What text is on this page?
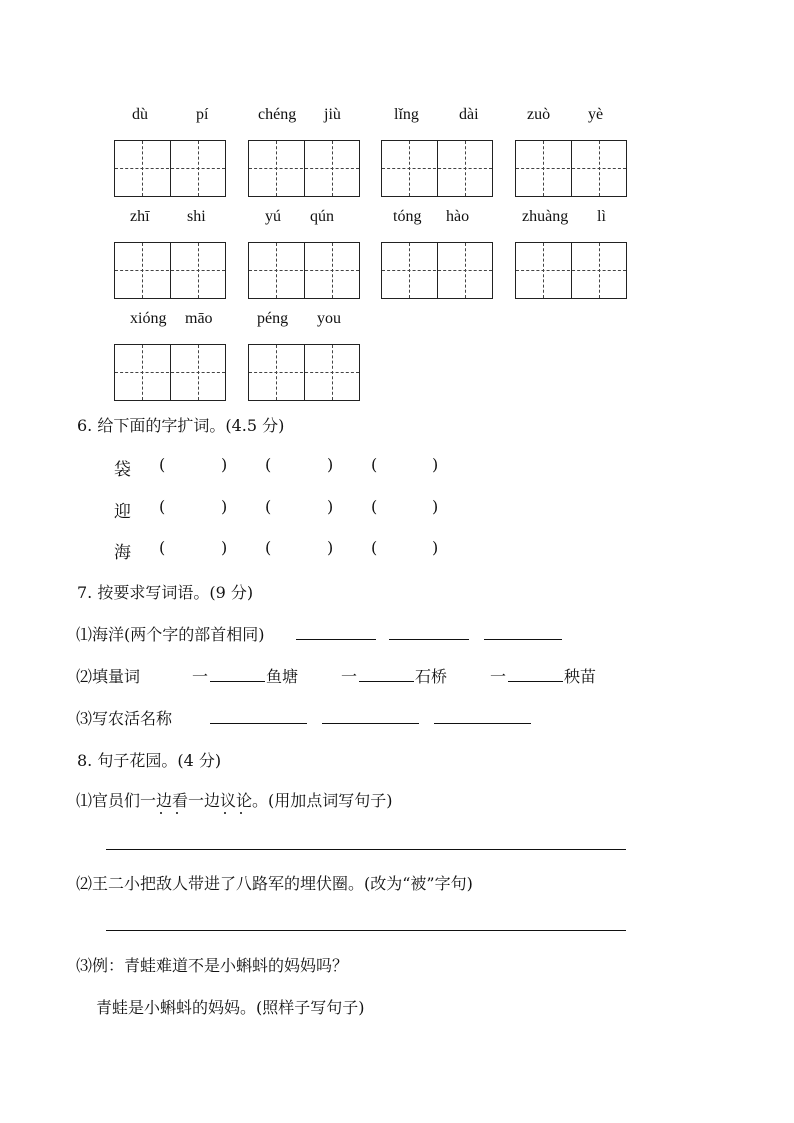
dù	pí	chéng jiù	lǐng	dài	zuò yè
zhī shi	yú qún	tóng hào	zhuàng lì
xióng māo	péng you
6. 给下面的字扩词。(4.5 分)
袋 (	) (	) (	)
迎 (	) (	) (	)
海 (	) (	) (	)
7. 按要求写词语。(9 分)
⑴海洋(两个字的部首相同)
⑵填量词	一	鱼塘	一	石桥	一	秧苗
⑶写农活名称
8. 句子花园。(4 分)
⑴官员们一边看一边议论。(用加点词写句子)
⑵王二小把敌人带进了八路军的埋伏圈。(改为“被”字句)
⑶例：青蛙难道不是小蝌蚪的妈妈吗？
青蛙是小蝌蚪的妈妈。(照样子写句子)
